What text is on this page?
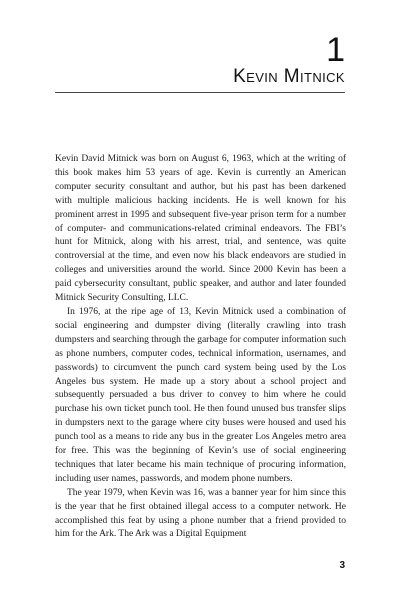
1
Kevin Mitnick

Kevin David Mitnick was born on August 6, 1963, which at the writing of this book makes him 53 years of age. Kevin is currently an American computer security consultant and author, but his past has been darkened with multiple malicious hacking incidents. He is well known for his prominent arrest in 1995 and subsequent five-year prison term for a number of computer- and communications-related criminal endeavors. The FBI’s hunt for Mitnick, along with his arrest, trial, and sentence, was quite controversial at the time, and even now his black endeavors are studied in colleges and universities around the world. Since 2000 Kevin has been a paid cybersecurity consultant, public speaker, and author and later founded Mitnick Security Consulting, LLC.

In 1976, at the ripe age of 13, Kevin Mitnick used a combination of social engineering and dumpster diving (literally crawling into trash dumpsters and searching through the garbage for computer information such as phone numbers, computer codes, technical information, usernames, and passwords) to circumvent the punch card system being used by the Los Angeles bus system. He made up a story about a school project and subsequently persuaded a bus driver to convey to him where he could purchase his own ticket punch tool. He then found unused bus transfer slips in dumpsters next to the garage where city buses were housed and used his punch tool as a means to ride any bus in the greater Los Angeles metro area for free. This was the beginning of Kevin’s use of social engineering techniques that later became his main technique of procuring information, including user names, passwords, and modem phone numbers.

The year 1979, when Kevin was 16, was a banner year for him since this is the year that he first obtained illegal access to a computer network. He accomplished this feat by using a phone number that a friend provided to him for the Ark. The Ark was a Digital Equipment

3
